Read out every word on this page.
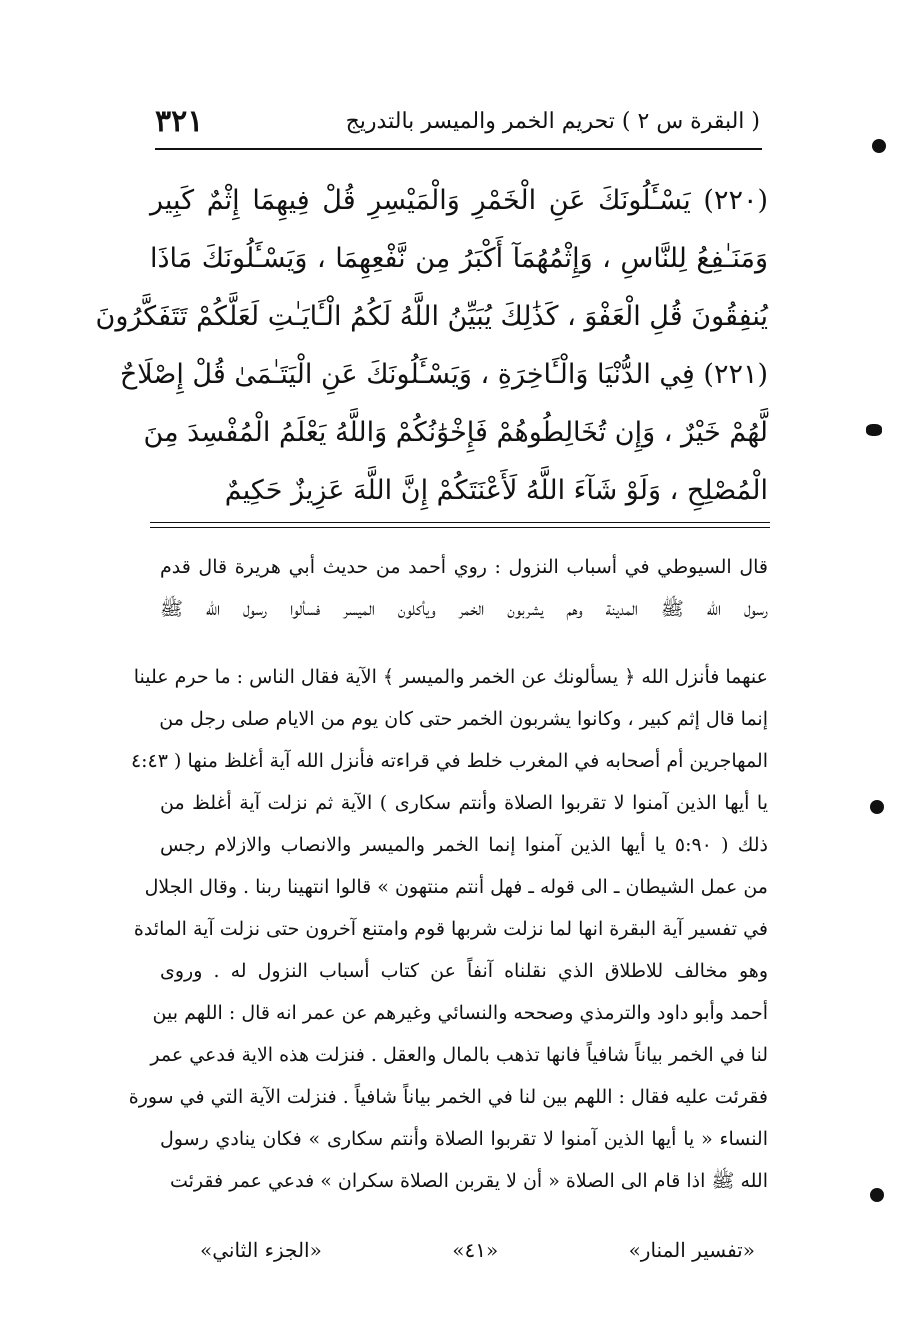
( البقرة س ٢ ) تحريم الخمر والميسر بالتدريج
٣٢١
(٢٢٠) يَسْـَٔلُونَكَ عَنِ الْخَمْرِ وَالْمَيْسِرِ قُلْ فِيهِمَا إِثْمٌ كَبِير
وَمَنَـٰفِعُ لِلنَّاسِ ، وَإِثْمُهُمَآ أَكْبَرُ مِن نَّفْعِهِمَا ، وَيَسْـَٔلُونَكَ مَاذَا
يُنفِقُونَ قُلِ الْعَفْوَ ، كَذَٰلِكَ يُبَيِّنُ اللَّهُ لَكُمُ الْـَٔايَـٰتِ لَعَلَّكُمْ تَتَفَكَّرُونَ
(٢٢١) فِي الدُّنْيَا وَالْـَٔاخِرَةِ ، وَيَسْـَٔلُونَكَ عَنِ الْيَتَـٰمَىٰ قُلْ إِصْلَاحٌ
لَّهُمْ خَيْرٌ ، وَإِن تُخَالِطُوهُمْ فَإِخْوَٰنُكُمْ وَاللَّهُ يَعْلَمُ الْمُفْسِدَ مِنَ
الْمُصْلِحِ ، وَلَوْ شَآءَ اللَّهُ لَأَعْنَتَكُمْ إِنَّ اللَّهَ عَزِيزٌ حَكِيمٌ
قال السيوطي في أسباب النزول : روي أحمد من حديث أبي هريرة قال قدم
رسول الله ﷺ المدينة وهم يشربون الخمر ويأكلون الميسر فسألوا رسول الله ﷺ
عنهما فأنزل الله ﴿ يسألونك عن الخمر والميسر ﴾ الآية فقال الناس : ما حرم علينا
إنما قال إثم كبير ، وكانوا يشربون الخمر حتى كان يوم من الايام صلى رجل من
المهاجرين أم أصحابه في المغرب خلط في قراءته فأنزل الله آية أغلظ منها ( ٤:٤٣
يا أيها الذين آمنوا لا تقربوا الصلاة وأنتم سكارى ) الآية ثم نزلت آية أغلظ من
ذلك ( ٥:٩٠ يا أيها الذين آمنوا إنما الخمر والميسر والانصاب والازلام رجس
من عمل الشيطان ـ الى قوله ـ فهل أنتم منتهون » قالوا انتهينا ربنا . وقال الجلال
في تفسير آية البقرة انها لما نزلت شربها قوم وامتنع آخرون حتى نزلت آية المائدة
وهو مخالف للاطلاق الذي نقلناه آنفاً عن كتاب أسباب النزول له . وروى
أحمد وأبو داود والترمذي وصححه والنسائي وغيرهم عن عمر انه قال : اللهم بين
لنا في الخمر بياناً شافياً فانها تذهب بالمال والعقل . فنزلت هذه الاية فدعي عمر
فقرئت عليه فقال : اللهم بين لنا في الخمر بياناً شافياً . فنزلت الآية التي في سورة
النساء « يا أيها الذين آمنوا لا تقربوا الصلاة وأنتم سكارى » فكان ينادي رسول
الله ﷺ اذا قام الى الصلاة « أن لا يقربن الصلاة سكران » فدعي عمر فقرئت
«تفسير المنار»
«٤١»
«الجزء الثاني»
